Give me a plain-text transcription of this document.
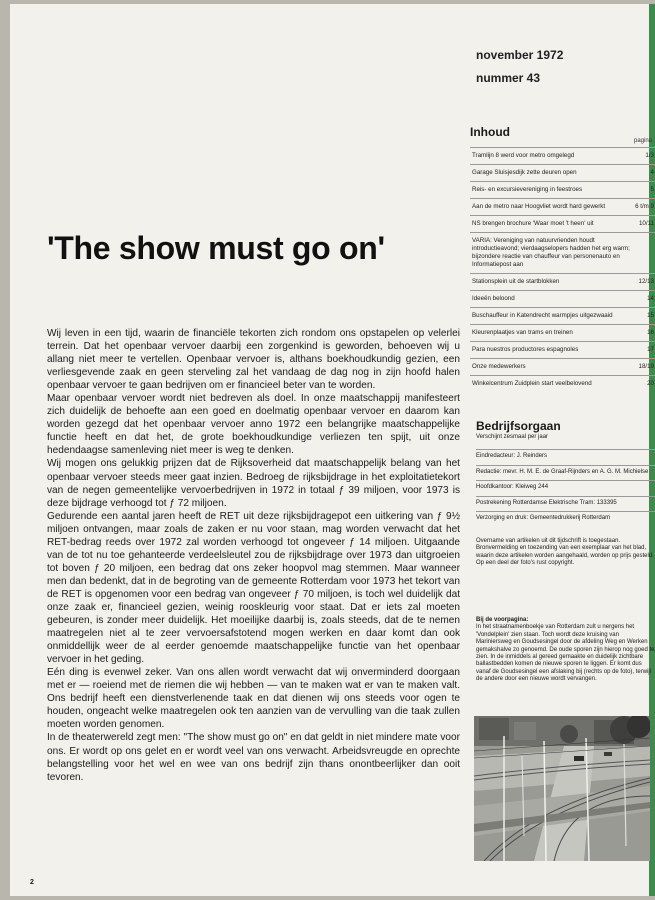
'The show must go on'

Wij leven in een tijd, waarin de financiële tekorten zich rondom ons opstapelen op velerlei terrein. Dat het openbaar vervoer daarbij een zorgenkind is geworden, behoeven wij u allang niet meer te vertellen. Openbaar vervoer is, althans boekhoudkundig gezien, een verliesgevende zaak en geen sterveling zal het vandaag de dag nog in zijn hoofd halen openbaar vervoer te gaan bedrijven om er financieel beter van te worden.

Maar openbaar vervoer wordt niet bedreven als doel. In onze maatschappij manifesteert zich duidelijk de behoefte aan een goed en doelmatig openbaar vervoer en daarom kan worden gezegd dat het openbaar vervoer anno 1972 een belangrijke maatschappelijke functie heeft en dat het, de grote boekhoudkundige verliezen ten spijt, uit onze hedendaagse samenleving niet meer is weg te denken.

Wij mogen ons gelukkig prijzen dat de Rijksoverheid dat maatschappelijk belang van het openbaar vervoer steeds meer gaat inzien. Bedroeg de rijksbijdrage in het exploitatietekort van de negen gemeentelijke vervoerbedrijven in 1972 in totaal ƒ 39 miljoen, voor 1973 is deze bijdrage verhoogd tot ƒ 72 miljoen.

Gedurende een aantal jaren heeft de RET uit deze rijksbijdragepot een uitkering van ƒ 9½ miljoen ontvangen, maar zoals de zaken er nu voor staan, mag worden verwacht dat het RET-bedrag reeds over 1972 zal worden verhoogd tot ongeveer ƒ 14 miljoen. Uitgaande van de tot nu toe gehanteerde verdeelsleutel zou de rijksbijdrage over 1973 dan uitgroeien tot boven ƒ 20 miljoen, een bedrag dat ons zeker hoopvol mag stemmen. Maar wanneer men dan bedenkt, dat in de begroting van de gemeente Rotterdam voor 1973 het tekort van de RET is opgenomen voor een bedrag van ongeveer ƒ 70 miljoen, is toch wel duidelijk dat onze zaak er, financieel gezien, weinig rooskleurig voor staat. Dat er iets zal moeten gebeuren, is zonder meer duidelijk. Het moeilijke daarbij is, zoals steeds, dat de te nemen maatregelen niet al te zeer vervoersafstotend mogen werken en daar komt dan ook onmiddellijk weer de al eerder genoemde maatschappelijke functie van het openbaar vervoer in het geding.

Eén ding is evenwel zeker. Van ons allen wordt verwacht dat wij onverminderd doorgaan met er — roeiend met de riemen die wij hebben — van te maken wat er van te maken valt. Ons bedrijf heeft een dienstverlenende taak en dat dienen wij ons steeds voor ogen te houden, ongeacht welke maatregelen ook ten aanzien van de vervulling van die taak zullen moeten worden genomen.

In de theaterwereld zegt men: "The show must go on" en dat geldt in niet mindere mate voor ons. Er wordt op ons gelet en er wordt veel van ons verwacht. Arbeidsvreugde en oprechte belangstelling voor het wel en wee van ons bedrijf zijn thans onontbeerlijker dan ooit tevoren.

2
november 1972
nummer 43
Inhoud
pagina
Tramlijn 8 werd voor metro omgelegd	1/3
Garage Sluisjesdijk zette deuren open	4
Reis- en excursievereniging in feestroes	5
Aan de metro naar Hoogvliet wordt hard gewerkt	6 t/m 9
NS brengen brochure 'Waar moet 't heen' uit	10/11
VARIA: Vereniging van natuurvrienden houdt introductieavond; vierdaagselopers hadden het erg warm; bijzondere reactie van chauffeur van personenauto en Informatiepost aan
Stationsplein uit de startblokken	12/13
Ideeën beloond	14
Buschauffeur in Katendrecht warmpjes uitgezwaaid	15
Kleurenplaatjes van trams en treinen	16
Para nuestros productores espagnoles	17
Onze medewerkers	18/19
Winkelcentrum Zuidplein start veelbelovend	20
Bedrijfsorgaan
Verschijnt zesmaal per jaar
Eindredacteur: J. Reinders
Redactie: mevr. H. M. E. de Graaf-Rijnders en A. G. M. Michielse
Hoofdkantoor: Kleiweg 244
Postrekening Rotterdamse Elektrische Tram: 133395
Verzorging en druk: Gemeentedrukkerij Rotterdam
Overname van artikelen uit dit tijdschrift is toegestaan. Bronvermelding en toezending van een exemplaar van het blad, waarin deze artikelen worden aangehaald, worden op prijs gesteld. Op een deel der foto's rust copyright.
Bij de voorpagina:
In het straatnamenboekje van Rotterdam zult u nergens het 'Vondelplein' zien staan. Toch wordt deze kruising van Mariniersweg en Goudsesingel door de afdeling Weg en Werken gemakshalve zo genoemd. De oude sporen zijn hierop nog goed te zien. In de inmiddels al gereed gemaakte en duidelijk zichtbare ballastbedden komen de nieuwe sporen te liggen. Er komt dus vanaf de Goudsesingel een afslaking bij (rechts op de foto), terwijl de andere door een nieuwe wordt vervangen.
